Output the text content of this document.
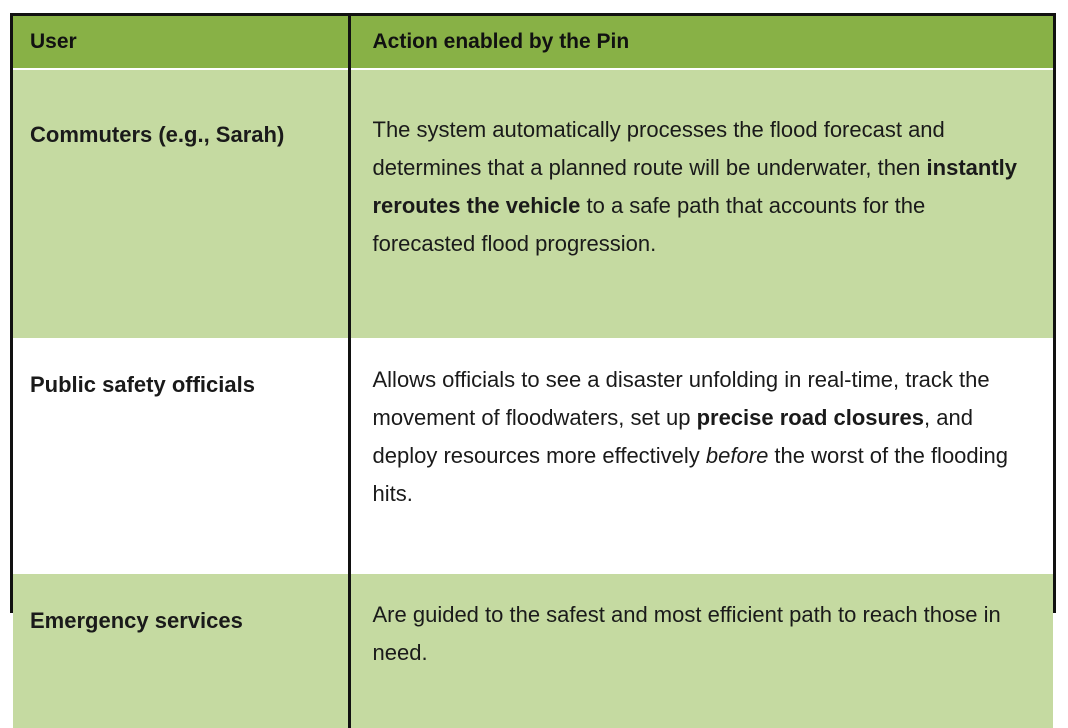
User	Action enabled by the Pin
Commuters (e.g., Sarah)	The system automatically processes the flood forecast and determines that a planned route will be underwater, then instantly reroutes the vehicle to a safe path that accounts for the forecasted flood progression.
Public safety officials	Allows officials to see a disaster unfolding in real-time, track the movement of floodwaters, set up precise road closures, and deploy resources more effectively before the worst of the flooding hits.
Emergency services	Are guided to the safest and most efficient path to reach those in need.
